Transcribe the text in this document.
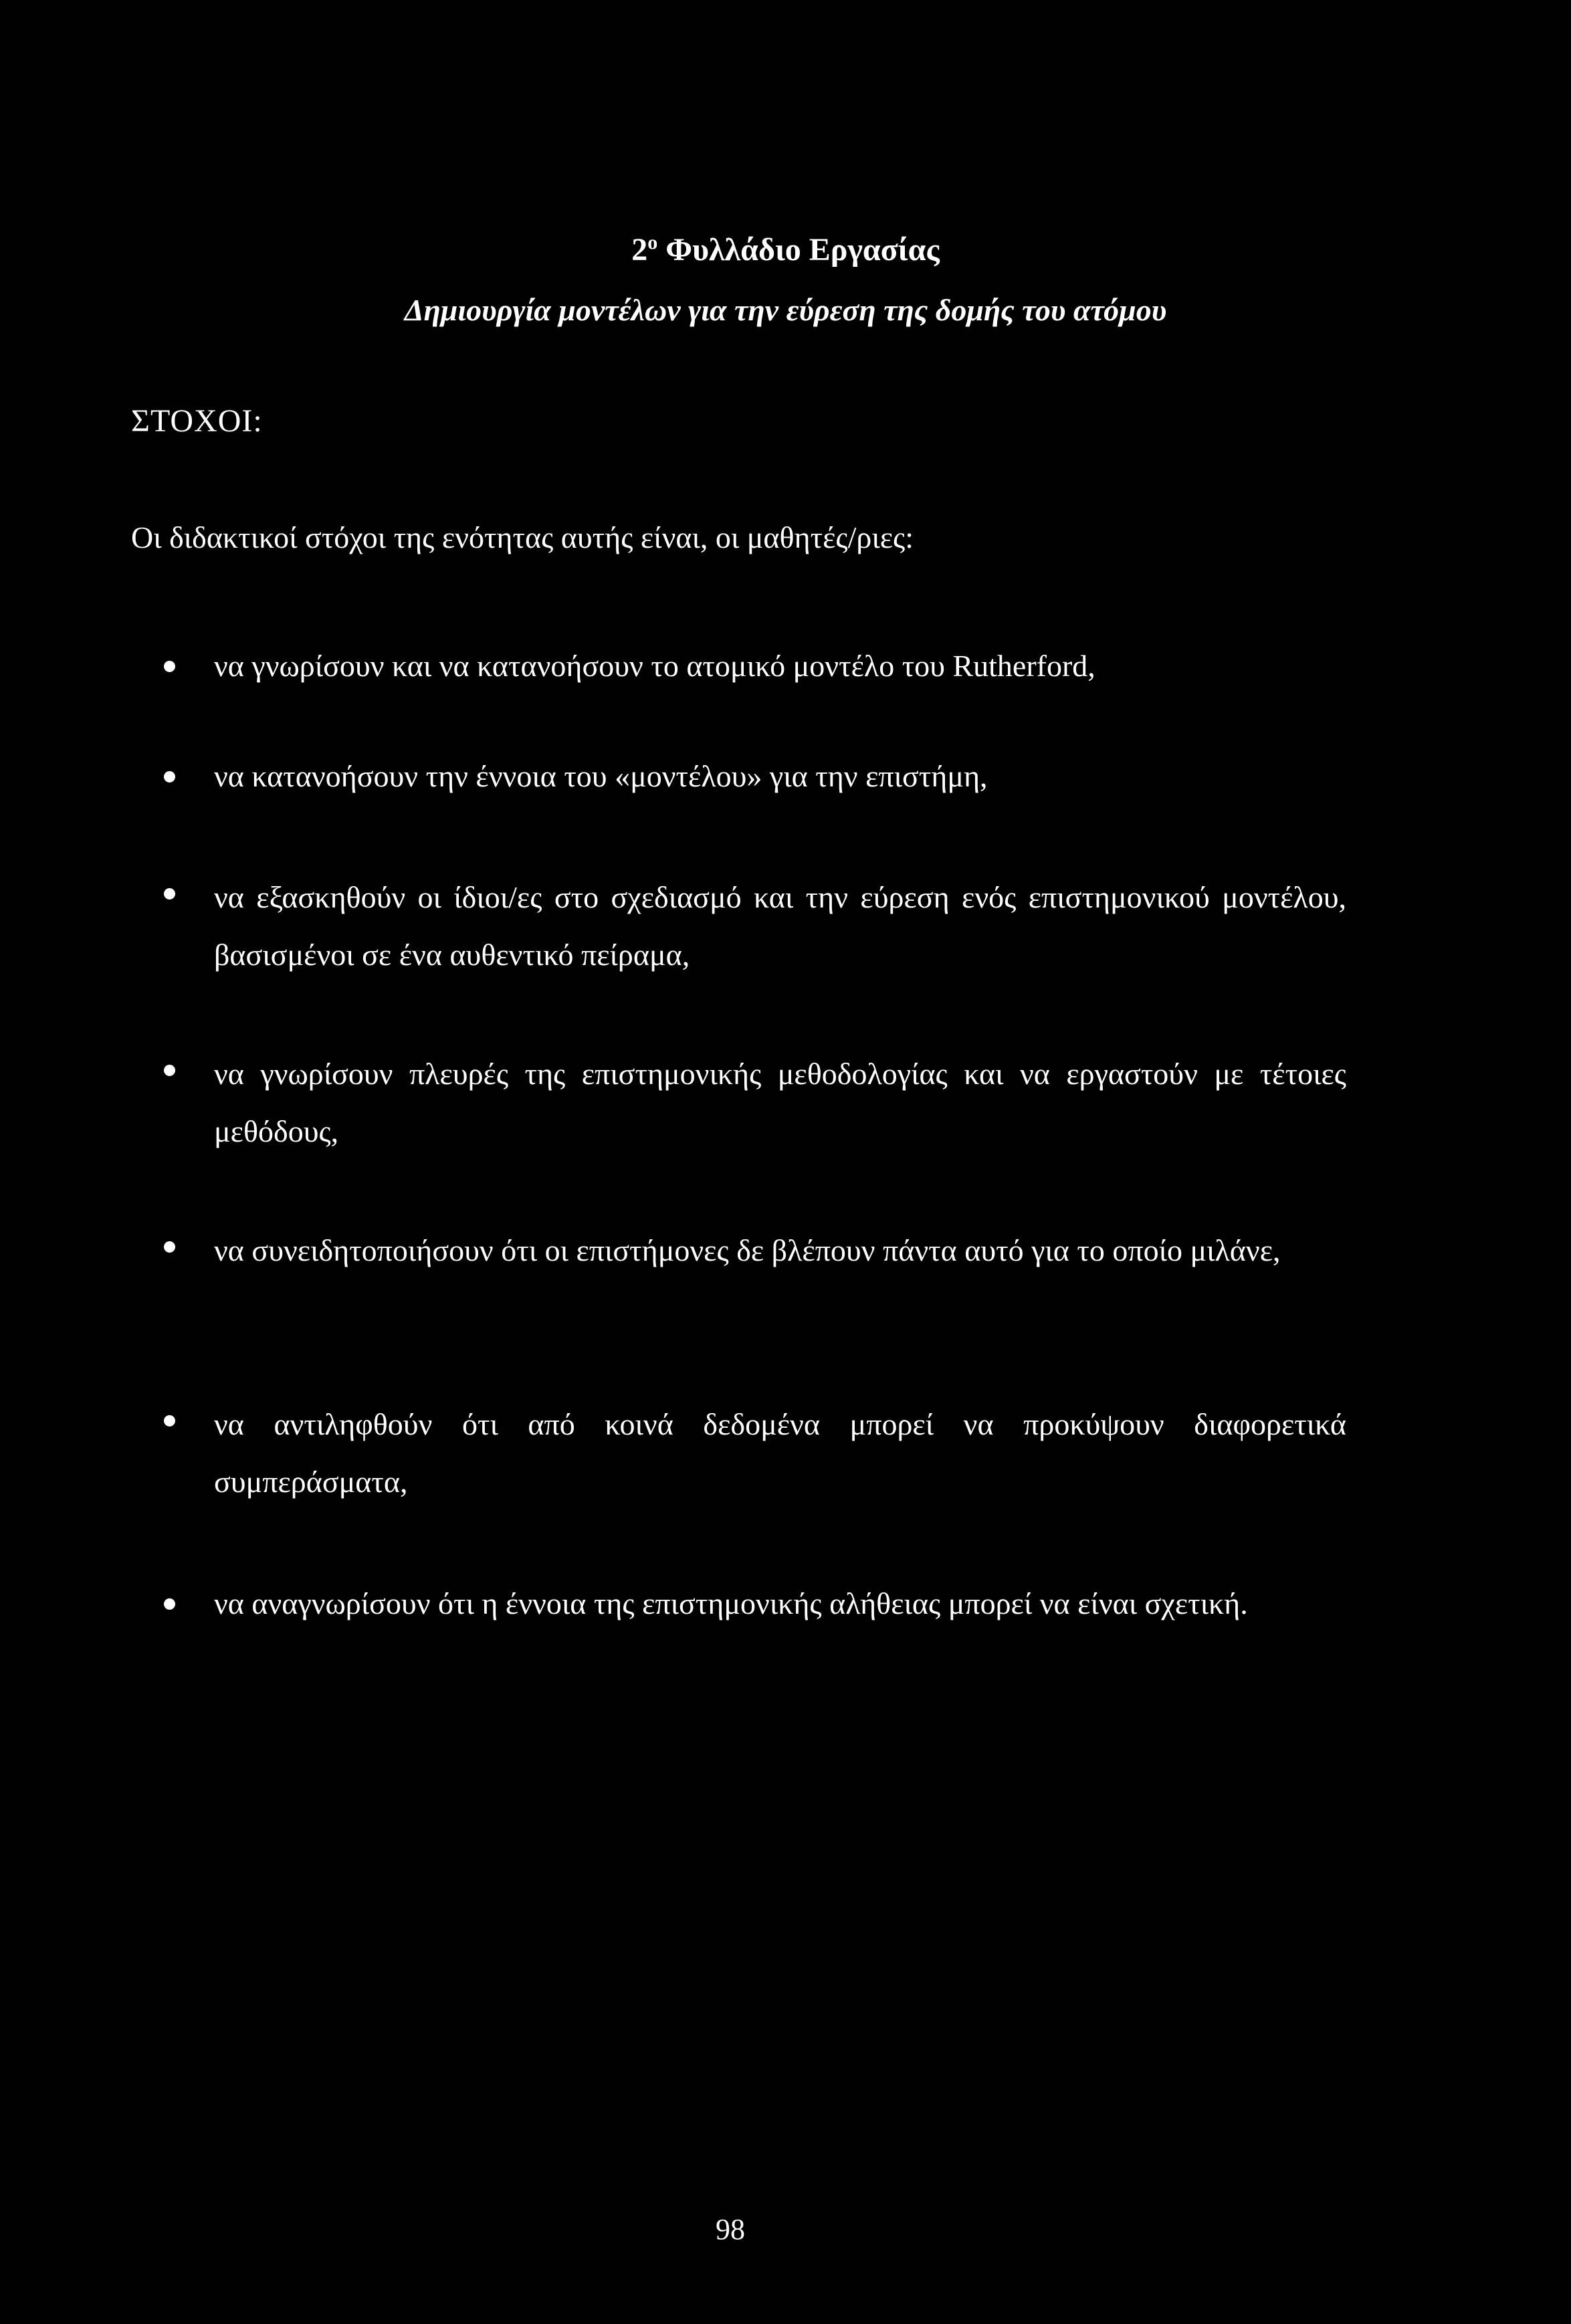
$2^o$ Φυλλάδιο Εργασίας
Δημιουργία μοντέλων για την εύρεση της δομής του ατόμου
ΣΤΟΧΟΙ:
Οι διδακτικοί στόχοι της ενότητας αυτής είναι, οι μαθητές/ριες:
να γνωρίσουν και να κατανοήσουν το ατομικό μοντέλο του Rutherford,
να κατανοήσουν την έννοια του «μοντέλου» για την επιστήμη,
να εξασκηθούν οι ίδιοι/ες στο σχεδιασμό και την εύρεση ενός επιστημονικού μοντέλου, βασισμένοι σε ένα αυθεντικό πείραμα,
να γνωρίσουν πλευρές της επιστημονικής μεθοδολογίας και να εργαστούν με τέτοιες μεθόδους,
να συνειδητοποιήσουν ότι οι επιστήμονες δε βλέπουν πάντα αυτό για το οποίο μιλάνε,
να αντιληφθούν ότι από κοινά δεδομένα μπορεί να προκύψουν διαφορετικά συμπεράσματα,
να αναγνωρίσουν ότι η έννοια της επιστημονικής αλήθειας μπορεί να είναι σχετική.
98
